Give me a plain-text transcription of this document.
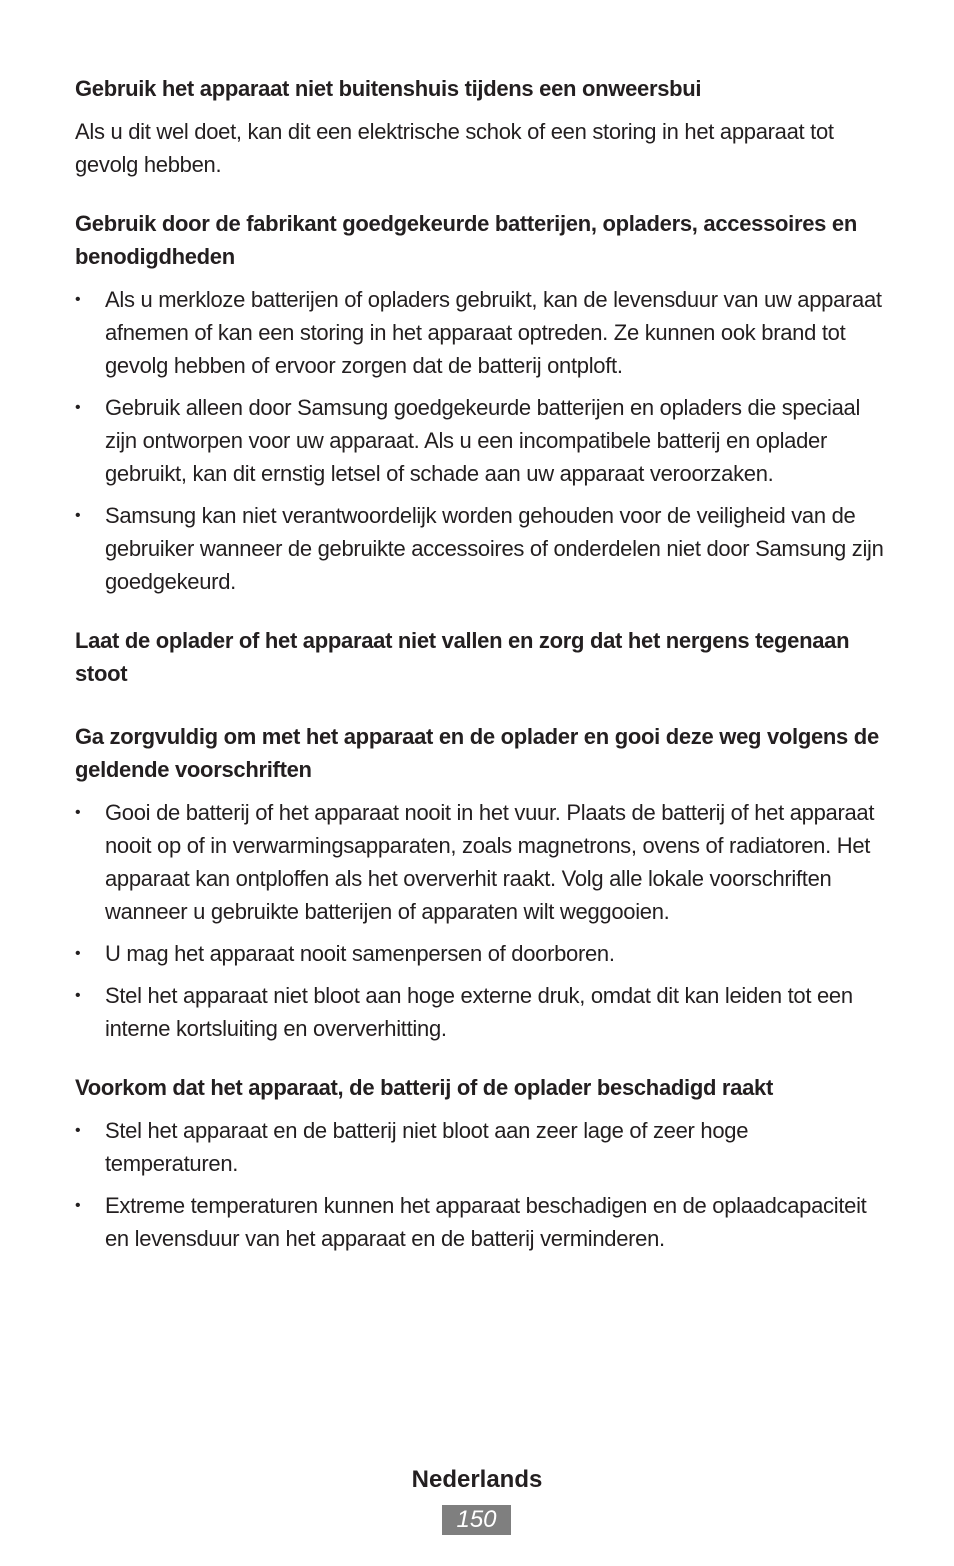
Gebruik het apparaat niet buitenshuis tijdens een onweersbui

Als u dit wel doet, kan dit een elektrische schok of een storing in het apparaat tot gevolg hebben.

Gebruik door de fabrikant goedgekeurde batterijen, opladers, accessoires en benodigdheden

• Als u merkloze batterijen of opladers gebruikt, kan de levensduur van uw apparaat afnemen of kan een storing in het apparaat optreden. Ze kunnen ook brand tot gevolg hebben of ervoor zorgen dat de batterij ontploft.
• Gebruik alleen door Samsung goedgekeurde batterijen en opladers die speciaal zijn ontworpen voor uw apparaat. Als u een incompatibele batterij en oplader gebruikt, kan dit ernstig letsel of schade aan uw apparaat veroorzaken.
• Samsung kan niet verantwoordelijk worden gehouden voor de veiligheid van de gebruiker wanneer de gebruikte accessoires of onderdelen niet door Samsung zijn goedgekeurd.

Laat de oplader of het apparaat niet vallen en zorg dat het nergens tegenaan stoot

Ga zorgvuldig om met het apparaat en de oplader en gooi deze weg volgens de geldende voorschriften

• Gooi de batterij of het apparaat nooit in het vuur. Plaats de batterij of het apparaat nooit op of in verwarmingsapparaten, zoals magnetrons, ovens of radiatoren. Het apparaat kan ontploffen als het oververhit raakt. Volg alle lokale voorschriften wanneer u gebruikte batterijen of apparaten wilt weggooien.
• U mag het apparaat nooit samenpersen of doorboren.
• Stel het apparaat niet bloot aan hoge externe druk, omdat dit kan leiden tot een interne kortsluiting en oververhitting.

Voorkom dat het apparaat, de batterij of de oplader beschadigd raakt

• Stel het apparaat en de batterij niet bloot aan zeer lage of zeer hoge temperaturen.
• Extreme temperaturen kunnen het apparaat beschadigen en de oplaadcapaciteit en levensduur van het apparaat en de batterij verminderen.
Nederlands
150
